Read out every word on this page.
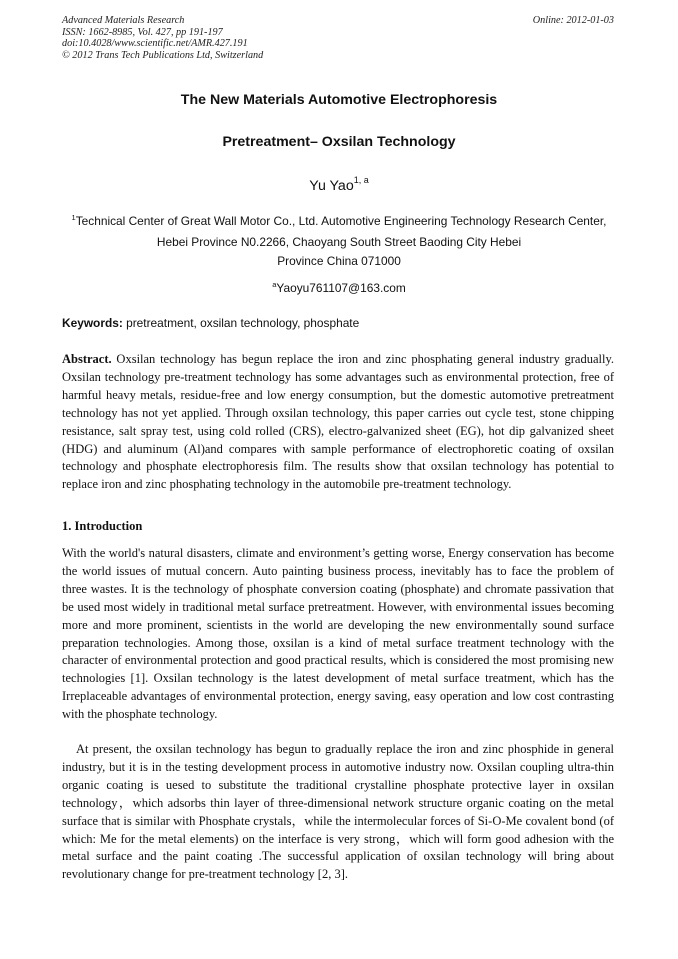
Advanced Materials Research
ISSN: 1662-8985, Vol. 427, pp 191-197
doi:10.4028/www.scientific.net/AMR.427.191
© 2012 Trans Tech Publications Ltd, Switzerland
Online: 2012-01-03
The New Materials Automotive Electrophoresis
Pretreatment– Oxsilan Technology
Yu Yao$^{1, a}$
$^1$Technical Center of Great Wall Motor Co., Ltd. Automotive Engineering Technology Research Center, Hebei Province N0.2266, Chaoyang South Street Baoding City Hebei
Province China 071000
$^a$Yaoyu761107@163.com
Keywords: pretreatment, oxsilan technology, phosphate
Abstract. Oxsilan technology has begun replace the iron and zinc phosphating general industry gradually. Oxsilan technology pre-treatment technology has some advantages such as environmental protection, free of harmful heavy metals, residue-free and low energy consumption, but the domestic automotive pretreatment technology has not yet applied. Through oxsilan technology, this paper carries out cycle test, stone chipping resistance, salt spray test, using cold rolled (CRS), electro-galvanized sheet (EG), hot dip galvanized sheet (HDG) and aluminum (Al)and compares with sample performance of electrophoretic coating of oxsilan technology and phosphate electrophoresis film. The results show that oxsilan technology has potential to replace iron and zinc phosphating technology in the automobile pre-treatment technology.
1. Introduction
With the world's natural disasters, climate and environment’s getting worse, Energy conservation has become the world issues of mutual concern. Auto painting business process, inevitably has to face the problem of three wastes. It is the technology of phosphate conversion coating (phosphate) and chromate passivation that be used most widely in traditional metal surface pretreatment. However, with environmental issues becoming more and more prominent, scientists in the world are developing the new environmentally sound surface preparation technologies. Among those, oxsilan is a kind of metal surface treatment technology with the character of environmental protection and good practical results, which is considered the most promising new technologies [1]. Oxsilan technology is the latest development of metal surface treatment, which has the Irreplaceable advantages of environmental protection, energy saving, easy operation and low cost contrasting with the phosphate technology.
At present, the oxsilan technology has begun to gradually replace the iron and zinc phosphide in general industry, but it is in the testing development process in automotive industry now. Oxsilan coupling ultra-thin organic coating is uesed to substitute the traditional crystalline phosphate protective layer in oxsilan technology，which adsorbs thin layer of three-dimensional network structure organic coating on the metal surface that is similar with Phosphate crystals，while the intermolecular forces of Si-O-Me covalent bond (of which: Me for the metal elements) on the interface is very strong，which will form good adhesion with the metal surface and the paint coating .The successful application of oxsilan technology will bring about revolutionary change for pre-treatment technology [2, 3].
